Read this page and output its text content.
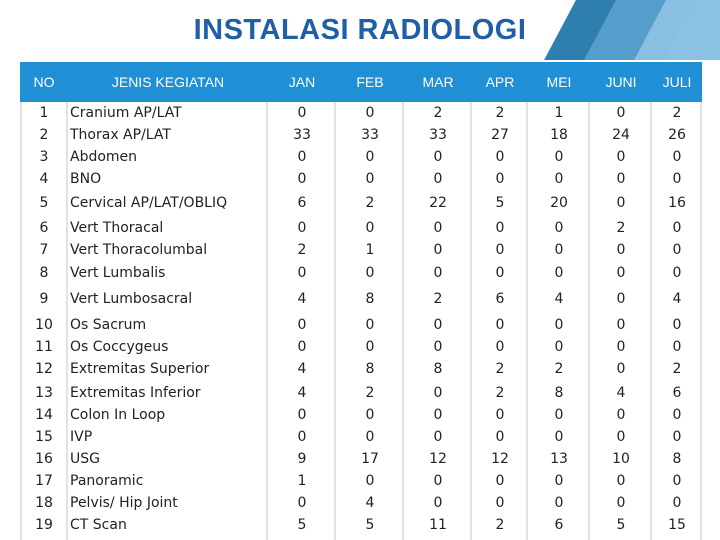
INSTALASI RADIOLOGI
NO	JENIS KEGIATAN	JAN	FEB	MAR	APR	MEI	JUNI	JULI
1	Cranium AP/LAT	0	0	2	2	1	0	2
2	Thorax AP/LAT	33	33	33	27	18	24	26
3	Abdomen	0	0	0	0	0	0	0
4	BNO	0	0	0	0	0	0	0
5	Cervical AP/LAT/OBLIQ	6	2	22	5	20	0	16
6	Vert Thoracal	0	0	0	0	0	2	0
7	Vert Thoracolumbal	2	1	0	0	0	0	0
8	Vert Lumbalis	0	0	0	0	0	0	0
9	Vert Lumbosacral	4	8	2	6	4	0	4
10	Os Sacrum	0	0	0	0	0	0	0
11	Os Coccygeus	0	0	0	0	0	0	0
12	Extremitas Superior	4	8	8	2	2	0	2
13	Extremitas Inferior	4	2	0	2	8	4	6
14	Colon In Loop	0	0	0	0	0	0	0
15	IVP	0	0	0	0	0	0	0
16	USG	9	17	12	12	13	10	8
17	Panoramic	1	0	0	0	0	0	0
18	Pelvis/ Hip Joint	0	4	0	0	0	0	0
19	CT Scan	5	5	11	2	6	5	15
